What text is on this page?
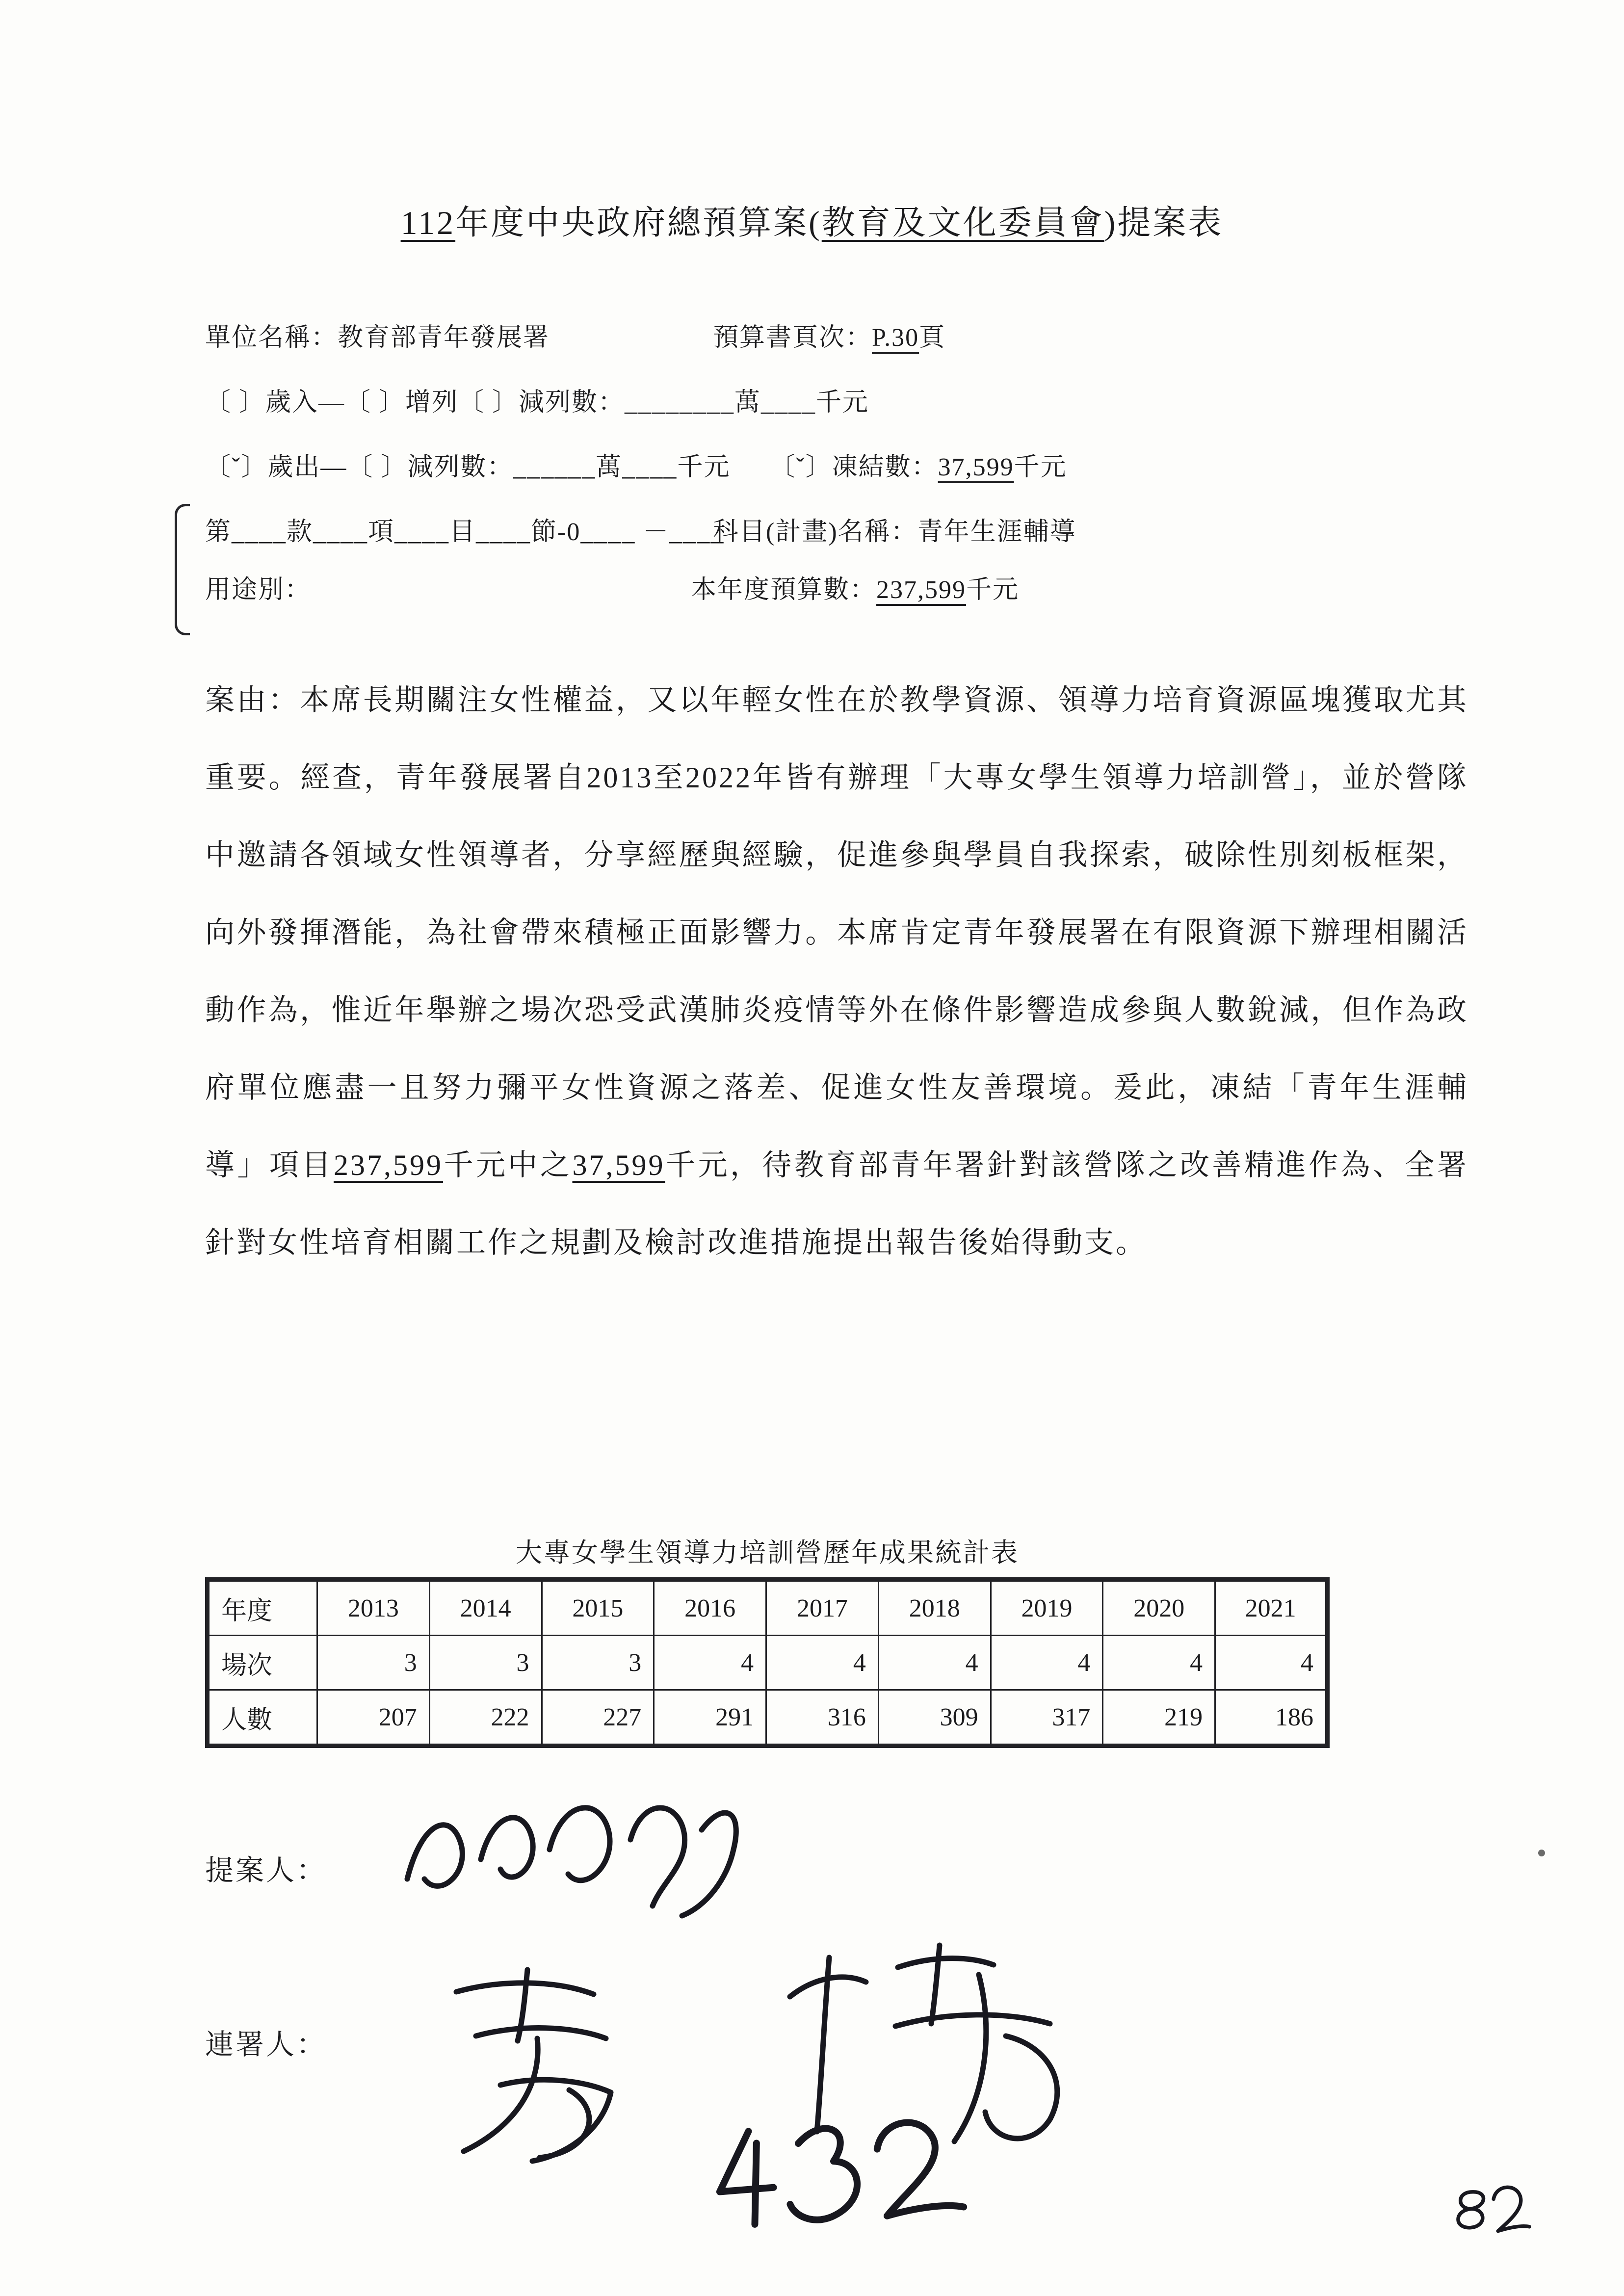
112年度中央政府總預算案(教育及文化委員會)提案表
單位名稱：教育部青年發展署	預算書頁次：P.30頁
〔 〕歲入—〔 〕增列〔 〕減列數：________萬____千元
〔ˇ〕歲出—〔 〕減列數：______萬____千元 〔ˇ〕凍結數：37,599千元
第____款____項____目____節-0____ －____
科目(計畫)名稱：青年生涯輔導
用途別：	本年度預算數：237,599千元
案由：本席長期關注女性權益，又以年輕女性在於教學資源、領導力培育資源區塊獲取尤其重要。經查，青年發展署自2013至2022年皆有辦理「大專女學生領導力培訓營」，並於營隊中邀請各領域女性領導者，分享經歷與經驗，促進參與學員自我探索，破除性別刻板框架，向外發揮潛能，為社會帶來積極正面影響力。本席肯定青年發展署在有限資源下辦理相關活動作為，惟近年舉辦之場次恐受武漢肺炎疫情等外在條件影響造成參與人數銳減，但作為政府單位應盡一且努力彌平女性資源之落差、促進女性友善環境。爰此，凍結「青年生涯輔導」項目237,599千元中之37,599千元，待教育部青年署針對該營隊之改善精進作為、全署針對女性培育相關工作之規劃及檢討改進措施提出報告後始得動支。
大專女學生領導力培訓營歷年成果統計表
年度	2013	2014	2015	2016	2017	2018	2019	2020	2021
場次	3	3	3	4	4	4	4	4	4
人數	207	222	227	291	316	309	317	219	186
提案人：
連署人：
